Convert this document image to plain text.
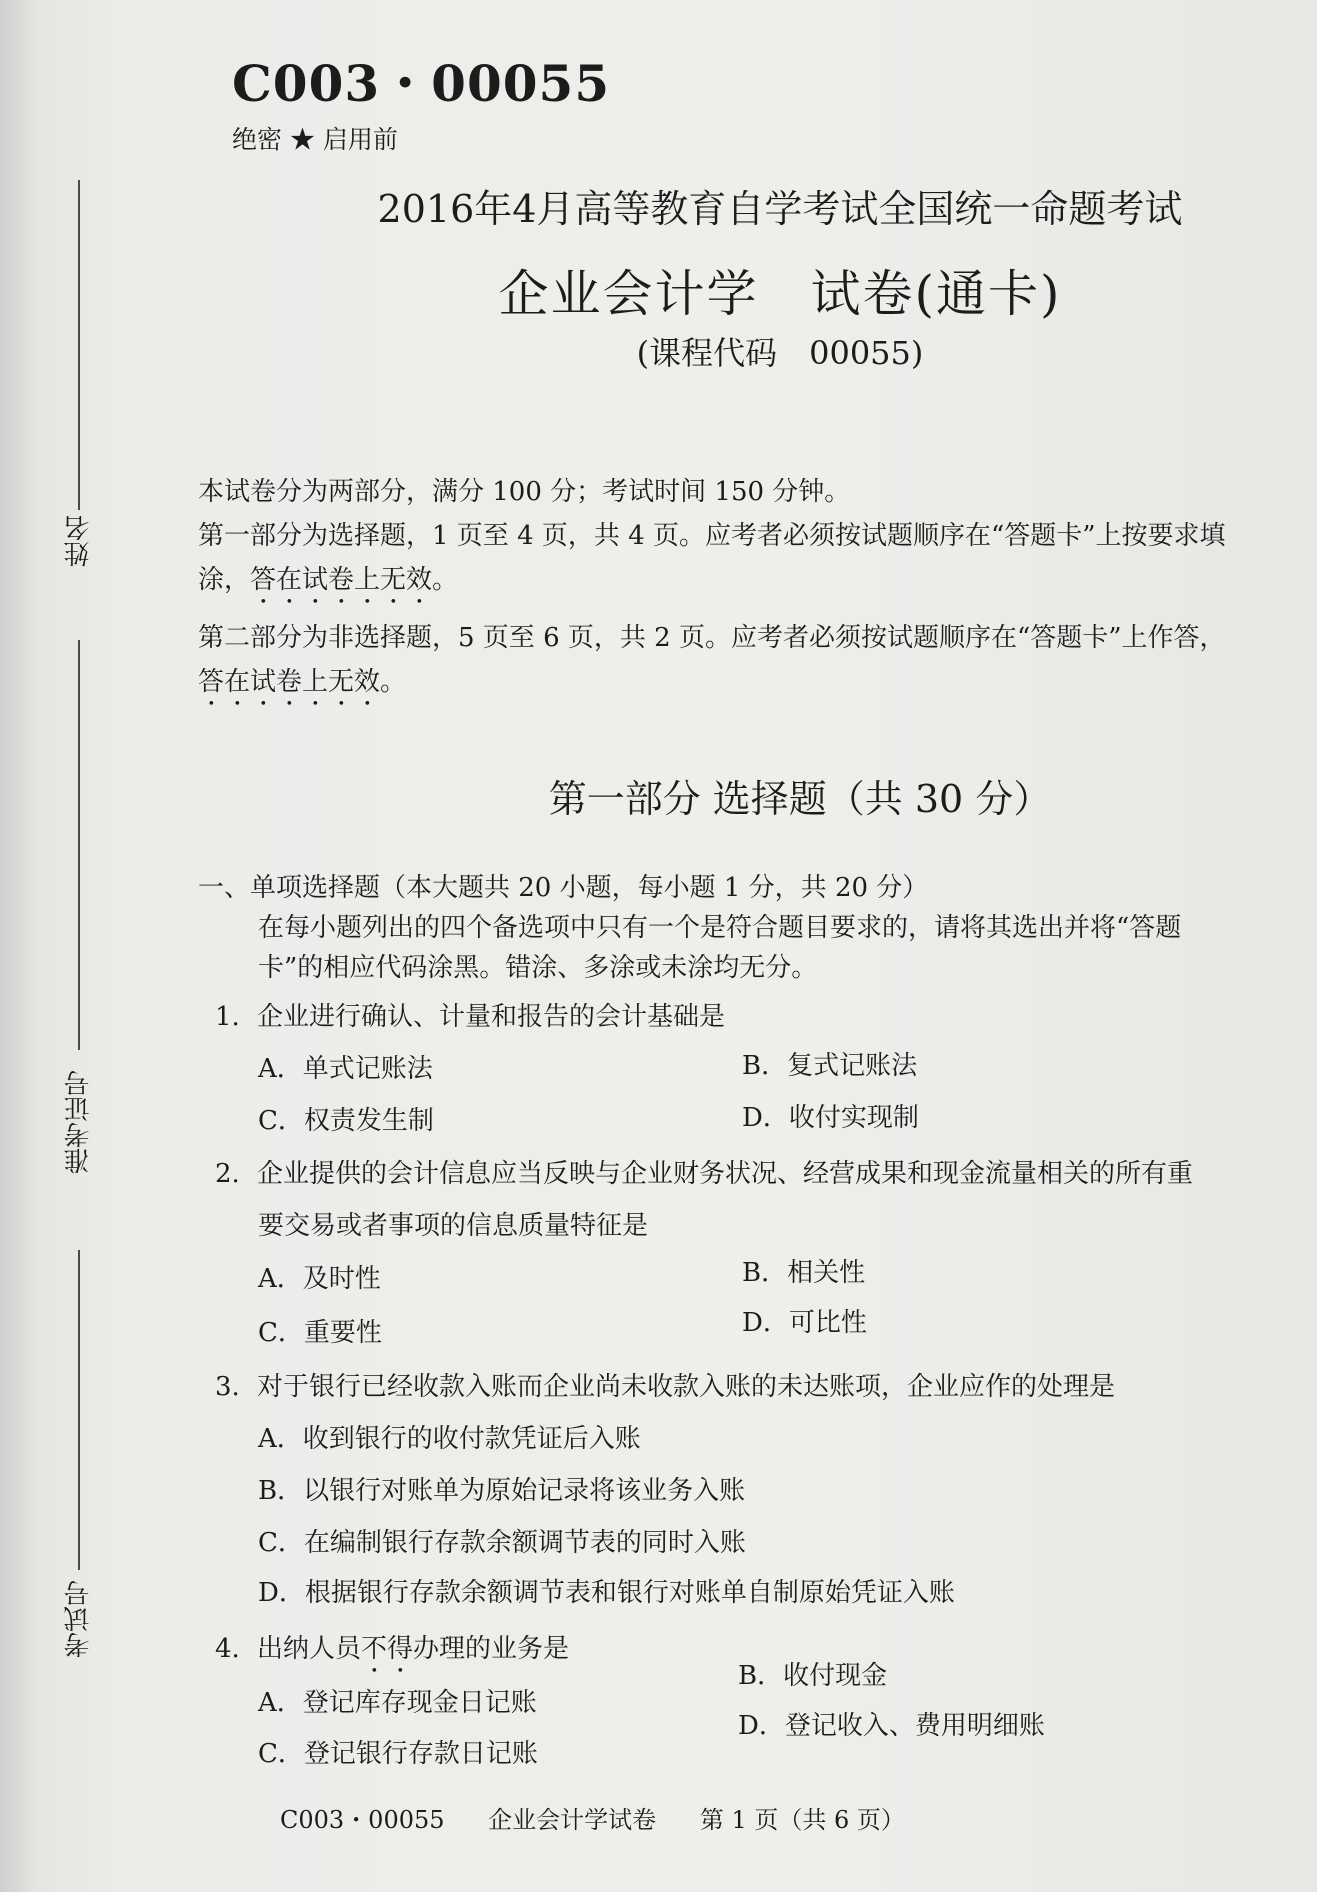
姓名
准考证号
考试号
C003・00055
绝密 ★ 启用前
2016年4月高等教育自学考试全国统一命题考试
企业会计学　试卷(通卡)
(课程代码　00055)

本试卷分为两部分，满分 100 分；考试时间 150 分钟。

第一部分为选择题，1 页至 4 页，共 4 页。应考者必须按试题顺序在“答题卡”上按要求填涂，答在试卷上无效。

第二部分为非选择题，5 页至 6 页，共 2 页。应考者必须按试题顺序在“答题卡”上作答，答在试卷上无效。

第一部分 选择题（共 30 分）
一、单项选择题（本大题共 20 小题，每小题 1 分，共 20 分）
在每小题列出的四个备选项中只有一个是符合题目要求的，请将其选出并将“答题卡”的相应代码涂黑。错涂、多涂或未涂均无分。
1. 企业进行确认、计量和报告的会计基础是
A．单式记账法	B．复式记账法
C．权责发生制	D．收付实现制
2. 企业提供的会计信息应当反映与企业财务状况、经营成果和现金流量相关的所有重
要交易或者事项的信息质量特征是
A．及时性	B．相关性
C．重要性	D．可比性
3. 对于银行已经收款入账而企业尚未收款入账的未达账项，企业应作的处理是
A．收到银行的收付款凭证后入账
B．以银行对账单为原始记录将该业务入账
C．在编制银行存款余额调节表的同时入账
D．根据银行存款余额调节表和银行对账单自制原始凭证入账
4. 出纳人员不得办理的业务是
A．登记库存现金日记账
B．收付现金
C．登记银行存款日记账
D．登记收入、费用明细账
C003・00055 企业会计学试卷 第 1 页（共 6 页）
